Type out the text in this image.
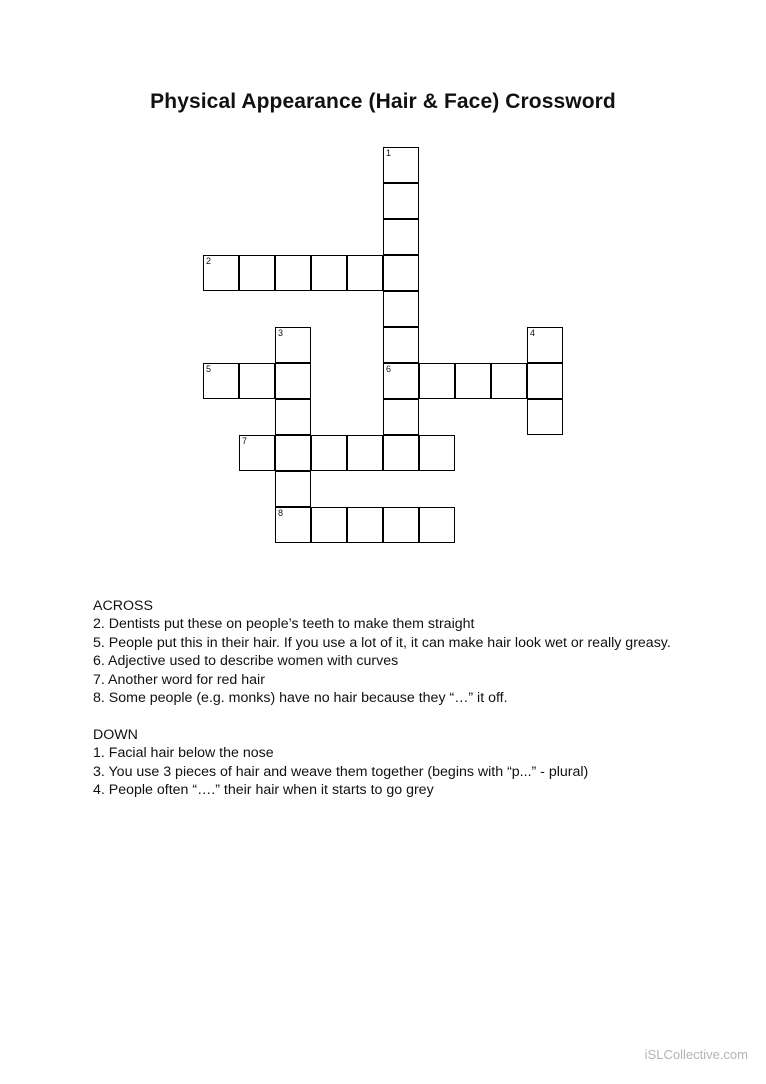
Physical Appearance (Hair & Face) Crossword
1
2
3	4
5	6
7
8
ACROSS
2. Dentists put these on people’s teeth to make them straight
5. People put this in their hair. If you use a lot of it, it can make hair look wet or really greasy.
6. Adjective used to describe women with curves
7. Another word for red hair
8. Some people (e.g. monks) have no hair because they “…” it off.
DOWN
1. Facial hair below the nose
3. You use 3 pieces of hair and weave them together (begins with “p...” - plural)
4. People often “….” their hair when it starts to go grey
iSLCollective.com
